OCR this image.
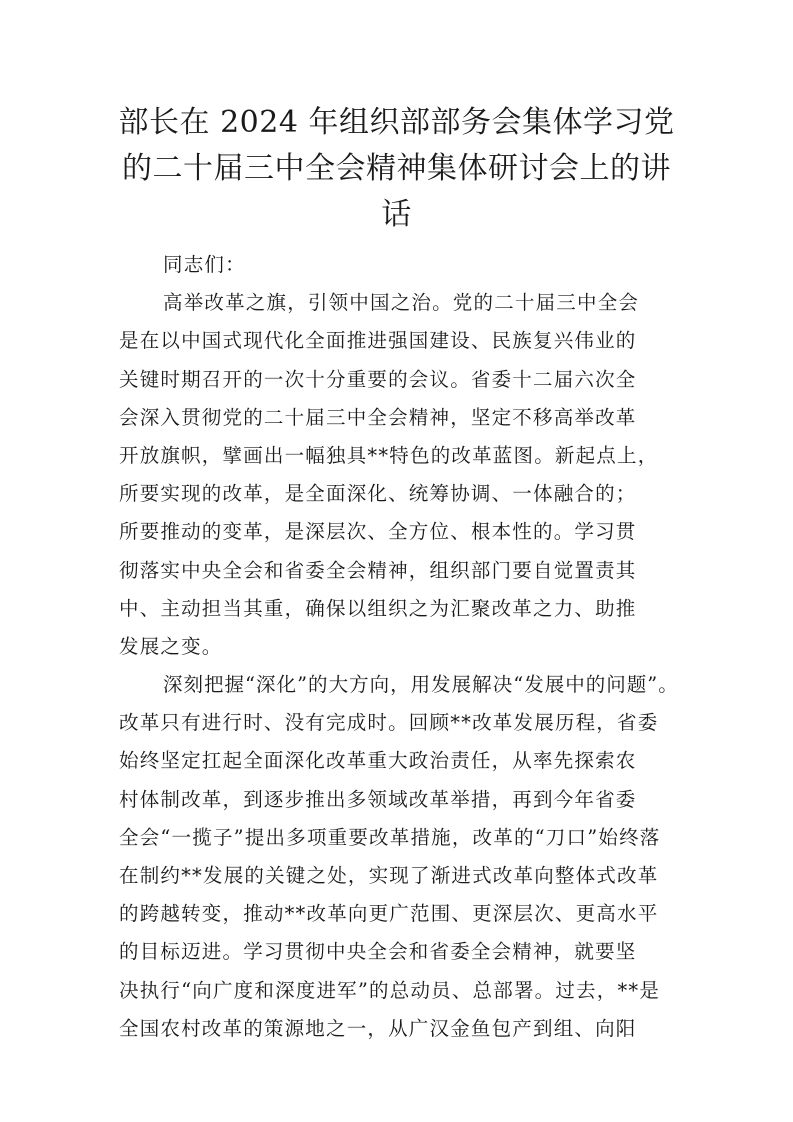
部长在 2024 年组织部部务会集体学习党
的二十届三中全会精神集体研讨会上的讲
话
同志们：
高举改革之旗，引领中国之治。党的二十届三中全会
是在以中国式现代化全面推进强国建设、民族复兴伟业的
关键时期召开的一次十分重要的会议。省委十二届六次全
会深入贯彻党的二十届三中全会精神，坚定不移高举改革
开放旗帜，擘画出一幅独具**特色的改革蓝图。新起点上，
所要实现的改革，是全面深化、统筹协调、一体融合的；
所要推动的变革，是深层次、全方位、根本性的。学习贯
彻落实中央全会和省委全会精神，组织部门要自觉置责其
中、主动担当其重，确保以组织之为汇聚改革之力、助推
发展之变。
深刻把握“深化”的大方向，用发展解决“发展中的问题”。
改革只有进行时、没有完成时。回顾**改革发展历程，省委
始终坚定扛起全面深化改革重大政治责任，从率先探索农
村体制改革，到逐步推出多领域改革举措，再到今年省委
全会“一揽子”提出多项重要改革措施，改革的“刀口”始终落
在制约**发展的关键之处，实现了渐进式改革向整体式改革
的跨越转变，推动**改革向更广范围、更深层次、更高水平
的目标迈进。学习贯彻中央全会和省委全会精神，就要坚
决执行“向广度和深度进军”的总动员、总部署。过去，**是
全国农村改革的策源地之一，从广汉金鱼包产到组、向阳
